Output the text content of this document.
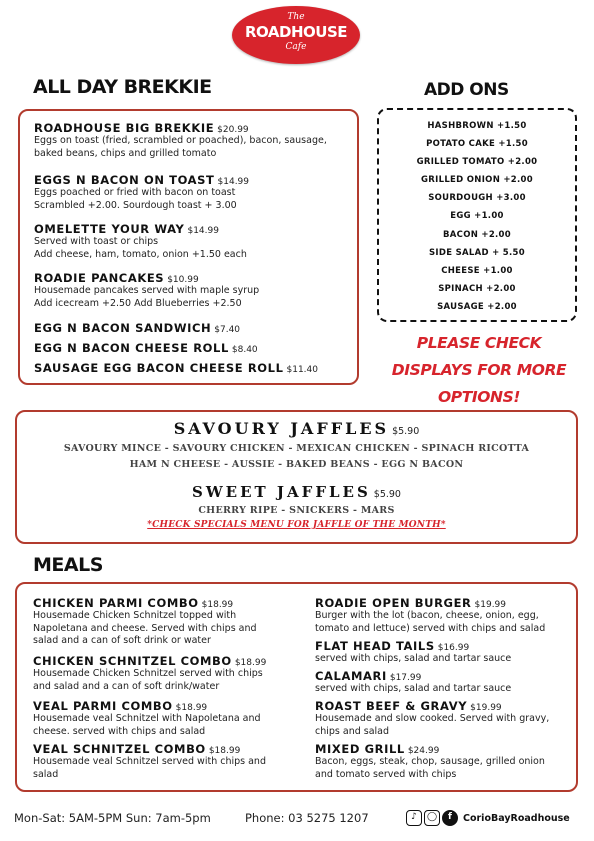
The
ROADHOUSE
Cafe
ALL DAY BREKKIE	ADD ONS
MEALS
ROADHOUSE BIG BREKKIE $20.99
Eggs on toast (fried, scrambled or poached), bacon, sausage,
baked beans, chips and grilled tomato
EGGS N BACON ON TOAST $14.99
Eggs poached or fried with bacon on toast
Scrambled +2.00. Sourdough toast + 3.00
OMELETTE YOUR WAY $14.99
Served with toast or chips
Add cheese, ham, tomato, onion +1.50 each
ROADIE PANCAKES $10.99
Housemade pancakes served with maple syrup
Add icecream +2.50 Add Blueberries +2.50
EGG N BACON SANDWICH $7.40
EGG N BACON CHEESE ROLL $8.40
SAUSAGE EGG BACON CHEESE ROLL $11.40
HASHBROWN +1.50
POTATO CAKE +1.50
GRILLED TOMATO +2.00
GRILLED ONION +2.00
SOURDOUGH +3.00
EGG +1.00
BACON +2.00
SIDE SALAD + 5.50
CHEESE +1.00
SPINACH +2.00
SAUSAGE +2.00
PLEASE CHECK
DISPLAYS FOR MORE
OPTIONS!
SAVOURY JAFFLES $5.90
SAVOURY MINCE - SAVOURY CHICKEN - MEXICAN CHICKEN - SPINACH RICOTTA
HAM N CHEESE - AUSSIE - BAKED BEANS - EGG N BACON
SWEET JAFFLES $5.90
CHERRY RIPE - SNICKERS - MARS
*CHECK SPECIALS MENU FOR JAFFLE OF THE MONTH*
CHICKEN PARMI COMBO $18.99
Housemade Chicken Schnitzel topped with
Napoletana and cheese. Served with chips and
salad and a can of soft drink or water
CHICKEN SCHNITZEL COMBO $18.99
Housemade Chicken Schnitzel served with chips
and salad and a can of soft drink/water
VEAL PARMI COMBO $18.99
Housemade veal Schnitzel with Napoletana and
cheese. served with chips and salad
VEAL SCHNITZEL COMBO $18.99
Housemade veal Schnitzel served with chips and
salad
ROADIE OPEN BURGER $19.99
Burger with the lot (bacon, cheese, onion, egg,
tomato and lettuce) served with chips and salad
FLAT HEAD TAILS $16.99
served with chips, salad and tartar sauce
CALAMARI $17.99
served with chips, salad and tartar sauce
ROAST BEEF & GRAVY $19.99
Housemade and slow cooked. Served with gravy,
chips and salad
MIXED GRILL $24.99
Bacon, eggs, steak, chop, sausage, grilled onion
and tomato served with chips
Mon-Sat: 5AM-5PM Sun: 7am-5pm	Phone: 03 5275 1207	♪	◯	f	CorioBayRoadhouse
